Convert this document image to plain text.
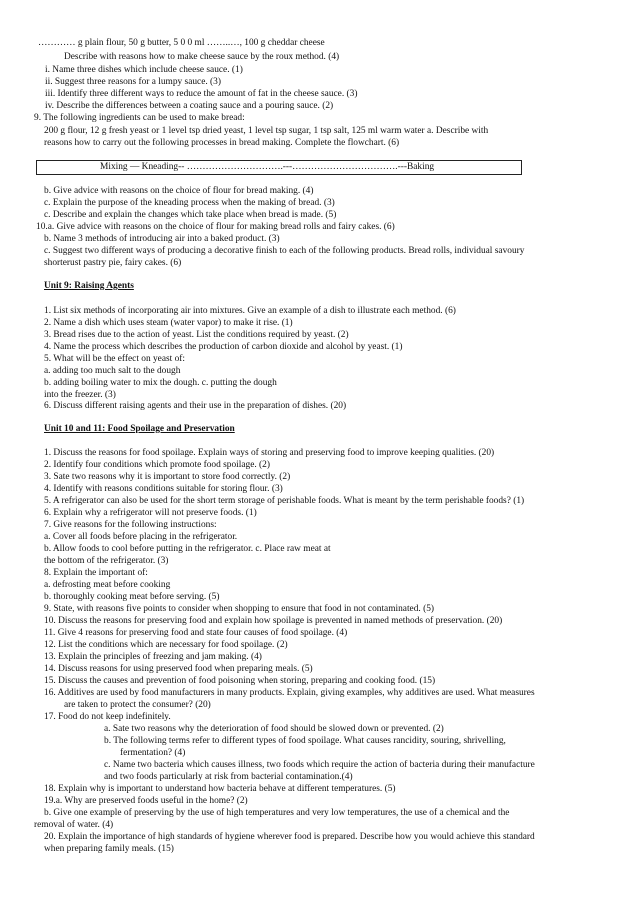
………… g plain flour, 50 g butter, 5 0 0 ml ……..…, 100 g cheddar cheese
Describe with reasons how to make cheese sauce by the roux method. (4)
i. Name three dishes which include cheese sauce. (1)
ii. Suggest three reasons for a lumpy sauce. (3)
iii. Identify three different ways to reduce the amount of fat in the cheese sauce. (3)
iv. Describe the differences between a coating sauce and a pouring sauce. (2)
9. The following ingredients can be used to make bread:
200 g flour, 12 g fresh yeast or 1 level tsp dried yeast, 1 level tsp sugar, 1 tsp salt, 125 ml warm water a. Describe with
reasons how to carry out the following processes in bread making. Complete the flowchart. (6)
Mixing — Kneading-- ………………………….---…………………………….---Baking
b. Give advice with reasons on the choice of flour for bread making. (4)
c. Explain the purpose of the kneading process when the making of bread. (3)
c. Describe and explain the changes which take place when bread is made. (5)
10.a. Give advice with reasons on the choice of flour for making bread rolls and fairy cakes. (6)
b. Name 3 methods of introducing air into a baked product. (3)
c. Suggest two different ways of producing a decorative finish to each of the following products. Bread rolls, individual savoury
shorterust pastry pie, fairy cakes. (6)
Unit 9: Raising Agents
1. List six methods of incorporating air into mixtures. Give an example of a dish to illustrate each method. (6)
2. Name a dish which uses steam (water vapor) to make it rise. (1)
3. Bread rises due to the action of yeast. List the conditions required by yeast. (2)
4. Name the process which describes the production of carbon dioxide and alcohol by yeast. (1)
5. What will be the effect on yeast of:
a. adding too much salt to the dough
b. adding boiling water to mix the dough. c. putting the dough
into the freezer. (3)
6. Discuss different raising agents and their use in the preparation of dishes. (20)
Unit 10 and 11: Food Spoilage and Preservation
1. Discuss the reasons for food spoilage. Explain ways of storing and preserving food to improve keeping qualities. (20)
2. Identify four conditions which promote food spoilage. (2)
3. Sate two reasons why it is important to store food correctly. (2)
4. Identify with reasons conditions suitable for storing flour. (3)
5. A refrigerator can also be used for the short term storage of perishable foods. What is meant by the term perishable foods? (1)
6. Explain why a refrigerator will not preserve foods. (1)
7. Give reasons for the following instructions:
a. Cover all foods before placing in the refrigerator.
b. Allow foods to cool before putting in the refrigerator. c. Place raw meat at
the bottom of the refrigerator. (3)
8. Explain the important of:
a. defrosting meat before cooking
b. thoroughly cooking meat before serving. (5)
9. State, with reasons five points to consider when shopping to ensure that food in not contaminated. (5)
10. Discuss the reasons for preserving food and explain how spoilage is prevented in named methods of preservation. (20)
11. Give 4 reasons for preserving food and state four causes of food spoilage. (4)
12. List the conditions which are necessary for food spoilage. (2)
13. Explain the principles of freezing and jam making. (4)
14. Discuss reasons for using preserved food when preparing meals. (5)
15. Discuss the causes and prevention of food poisoning when storing, preparing and cooking food. (15)
16. Additives are used by food manufacturers in many products. Explain, giving examples, why additives are used. What measures
are taken to protect the consumer? (20)
17. Food do not keep indefinitely.
a. Sate two reasons why the deterioration of food should be slowed down or prevented. (2)
b. The following terms refer to different types of food spoilage. What causes rancidity, souring, shrivelling,
fermentation? (4)
c. Name two bacteria which causes illness, two foods which require the action of bacteria during their manufacture
and two foods particularly at risk from bacterial contamination.(4)
18. Explain why is important to understand how bacteria behave at different temperatures. (5)
19.a. Why are preserved foods useful in the home? (2)
b. Give one example of preserving by the use of high temperatures and very low temperatures, the use of a chemical and the
removal of water. (4)
20. Explain the importance of high standards of hygiene wherever food is prepared. Describe how you would achieve this standard
when preparing family meals. (15)
